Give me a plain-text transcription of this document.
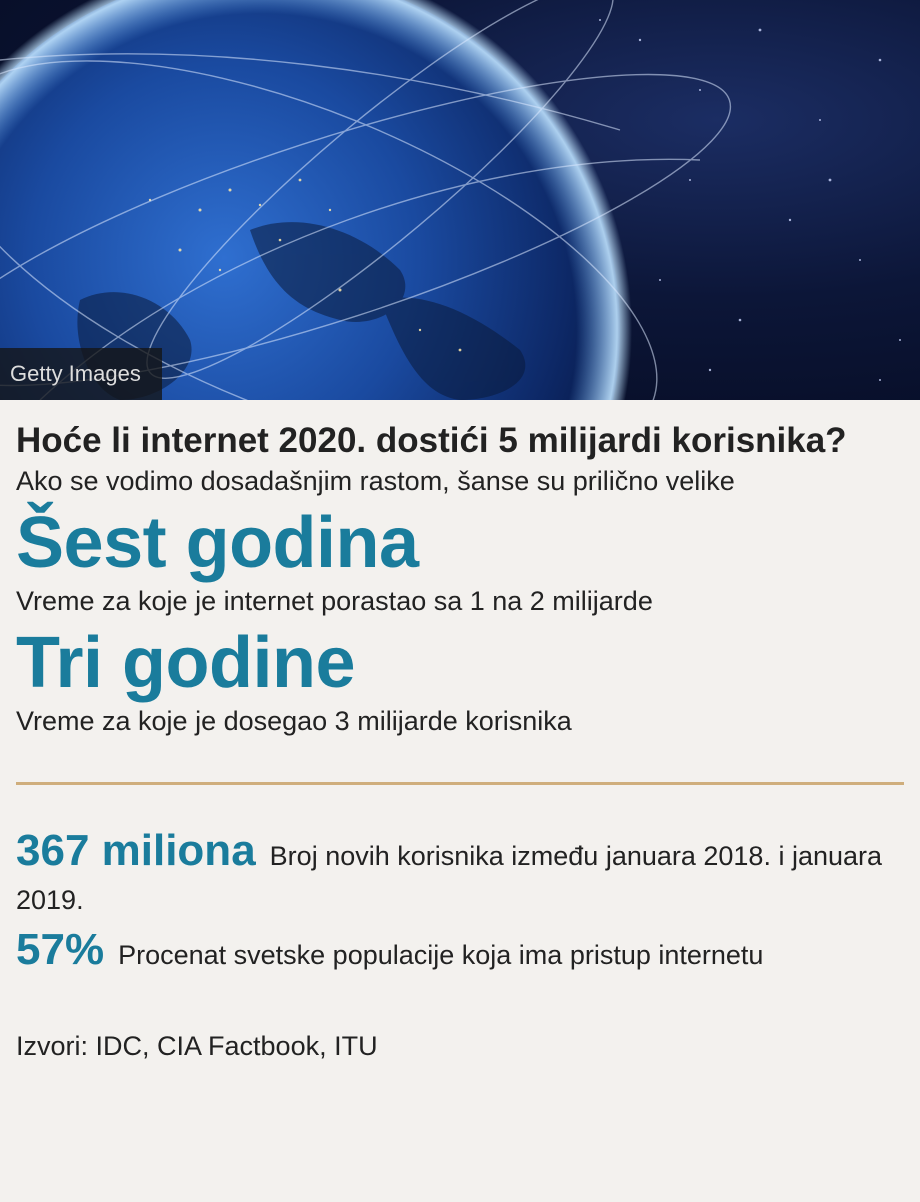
Getty Images
Hoće li internet 2020. dostići 5 milijardi korisnika?
Ako se vodimo dosadašnjim rastom, šanse su prilično velike
Šest godina
Vreme za koje je internet porastao sa 1 na 2 milijarde
Tri godine
Vreme za koje je dosegao 3 milijarde korisnika
367 miliona Broj novih korisnika između januara 2018. i januara 2019.
57% Procenat svetske populacije koja ima pristup internetu
Izvori: IDC, CIA Factbook, ITU
